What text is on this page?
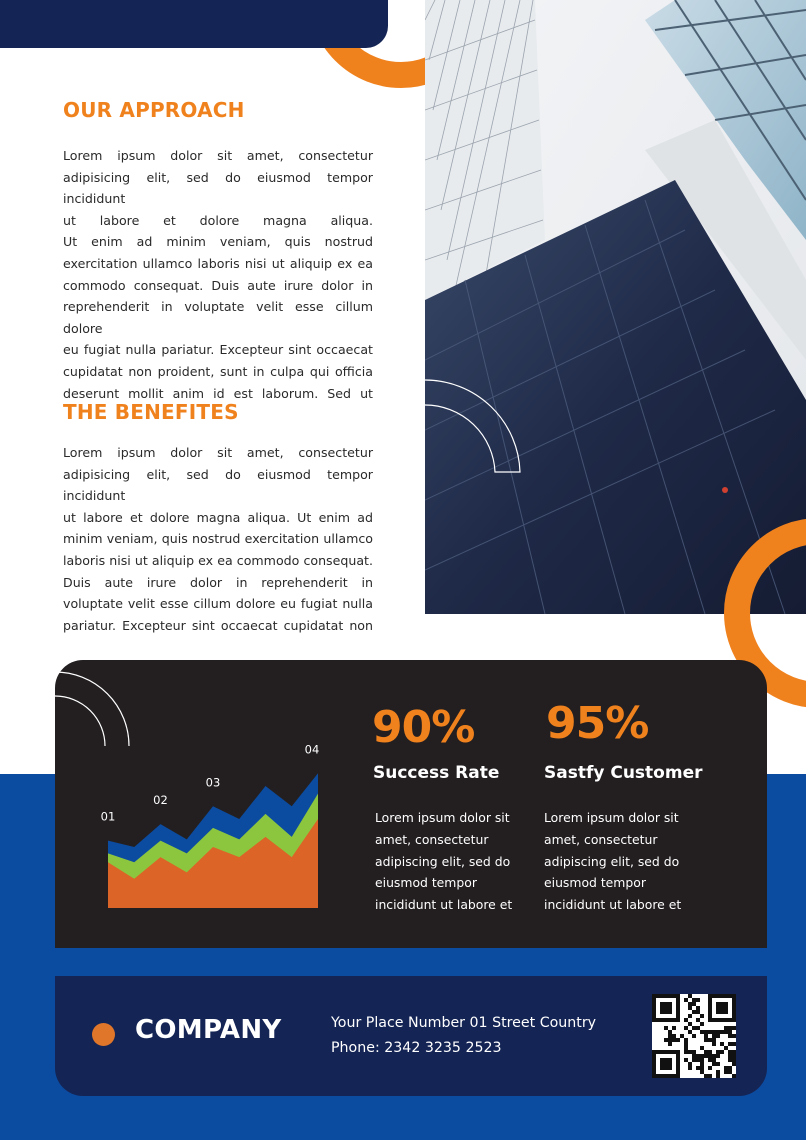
OUR APPROACH
Lorem ipsum dolor sit amet, consectetur
adipisicing elit, sed do eiusmod tempor incididunt
ut labore et dolore magna aliqua.
Ut enim ad minim veniam, quis nostrud
exercitation ullamco laboris nisi ut aliquip ex ea
commodo consequat. Duis aute irure dolor in
reprehenderit in voluptate velit esse cillum dolore
eu fugiat nulla pariatur. Excepteur sint occaecat
cupidatat non proident, sunt in culpa qui officia
deserunt mollit anim id est laborum. Sed ut
THE BENEFITES
Lorem ipsum dolor sit amet, consectetur
adipisicing elit, sed do eiusmod tempor incididunt
ut labore et dolore magna aliqua. Ut enim ad
minim veniam, quis nostrud exercitation ullamco
laboris nisi ut aliquip ex ea commodo consequat.
Duis aute irure dolor in reprehenderit in
voluptate velit esse cillum dolore eu fugiat nulla
pariatur. Excepteur sint occaecat cupidatat non
01
02
03
04 90%
Success Rate
Lorem ipsum dolor sit
amet, consectetur
adipiscing elit, sed do
eiusmod tempor
incididunt ut labore et
95%
Sastfy Customer
Lorem ipsum dolor sit
amet, consectetur
adipiscing elit, sed do
eiusmod tempor
incididunt ut labore et
COMPANY	Your Place Number 01 Street Country
Phone: 2342 3235 2523
